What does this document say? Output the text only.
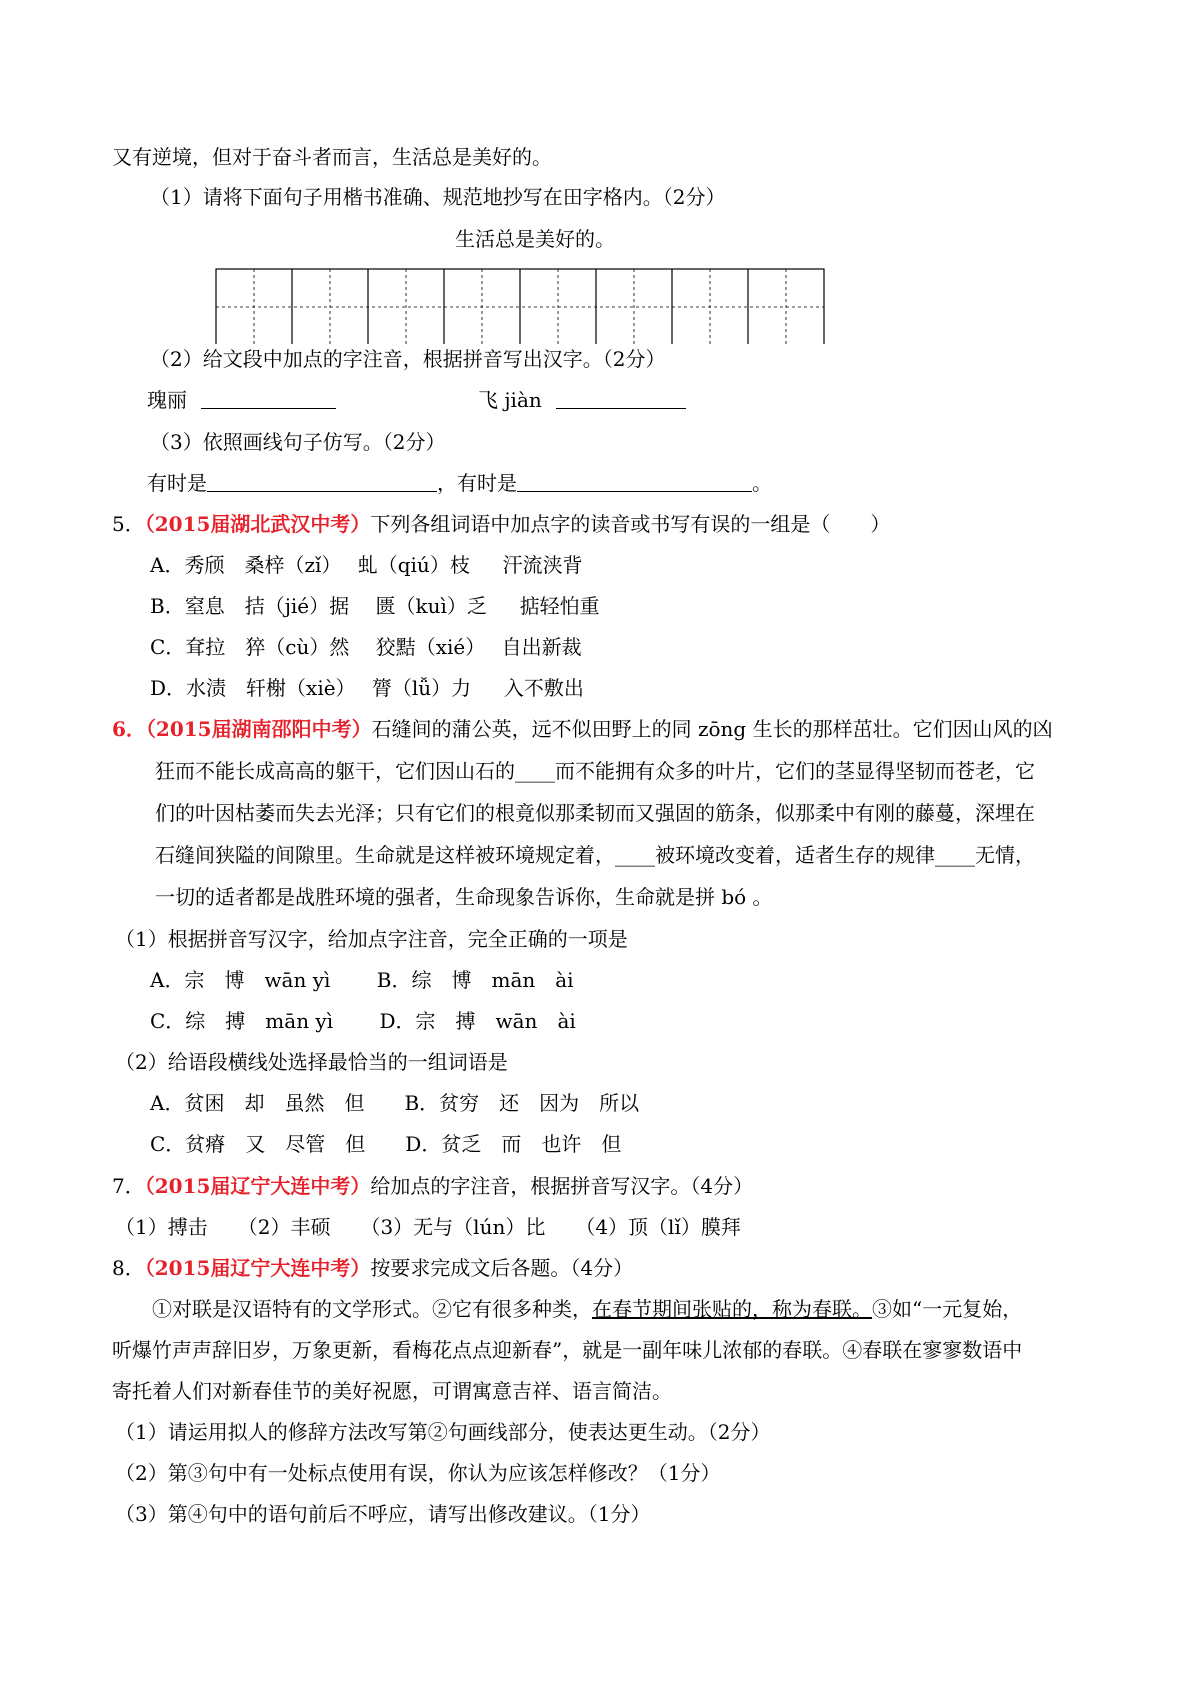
又有逆境，但对于奋斗者而言，生活总是美好的。
（1）请将下面句子用楷书准确、规范地抄写在田字格内。（2分）
生活总是美好的。
（2）给文段中加点的字注音，根据拼音写出汉字。（2分）
瑰丽	飞 jiàn
（3）依照画线句子仿写。（2分）
有时是	，有时是	。
5．（2015届湖北武汉中考）下列各组词语中加点字的读音或书写有误的一组是（　　）
A．秀颀　桑梓（zǐ）　 虬（qiú）枝 　 汗流浃背
B．窒息　拮（jié）据　 匮（kuì）乏 　 掂轻怕重
C．耷拉　猝（cù）然　 狡黠（xié）　 自出新裁
D．水渍　轩榭（xiè）　 膂（lǚ）力 　 入不敷出
6．（2015届湖南邵阳中考）石缝间的蒲公英，远不似田野上的同 zōng 生长的那样茁壮。它们因山风的凶
狂而不能长成高高的躯干，它们因山石的____而不能拥有众多的叶片，它们的茎显得坚韧而苍老，它
们的叶因枯萎而失去光泽；只有它们的根竟似那柔韧而又强固的筋条，似那柔中有刚的藤蔓，深埋在
石缝间狭隘的间隙里。生命就是这样被环境规定着，____被环境改变着，适者生存的规律____无情，
一切的适者都是战胜环境的强者，生命现象告诉你，生命就是拼 bó 。
（1）根据拼音写汉字，给加点字注音，完全正确的一项是
A．宗　博　wān yì　　 B．综　博　mān　ài
C．综　搏　mān yì　　 D．宗　搏　wān　ài
（2）给语段横线处选择最恰当的一组词语是
A．贫困　却　虽然　但　　B．贫穷　还　因为　所以
C．贫瘠　又　尽管　但　　D．贫乏　而　也许　但
7．（2015届辽宁大连中考）给加点的字注音，根据拼音写汉字。（4分）
（1）搏击　　（2）丰硕　　（3）无与（lún）比　　（4）顶（lǐ）膜拜
8．（2015届辽宁大连中考）按要求完成文后各题。（4分）
①对联是汉语特有的文学形式。②它有很多种类，在春节期间张贴的，称为春联。③如“一元复始，
听爆竹声声辞旧岁，万象更新，看梅花点点迎新春”，就是一副年味儿浓郁的春联。④春联在寥寥数语中
寄托着人们对新春佳节的美好祝愿，可谓寓意吉祥、语言简洁。
（1）请运用拟人的修辞方法改写第②句画线部分，使表达更生动。（2分）
（2）第③句中有一处标点使用有误，你认为应该怎样修改？（1分）
（3）第④句中的语句前后不呼应，请写出修改建议。（1分）
